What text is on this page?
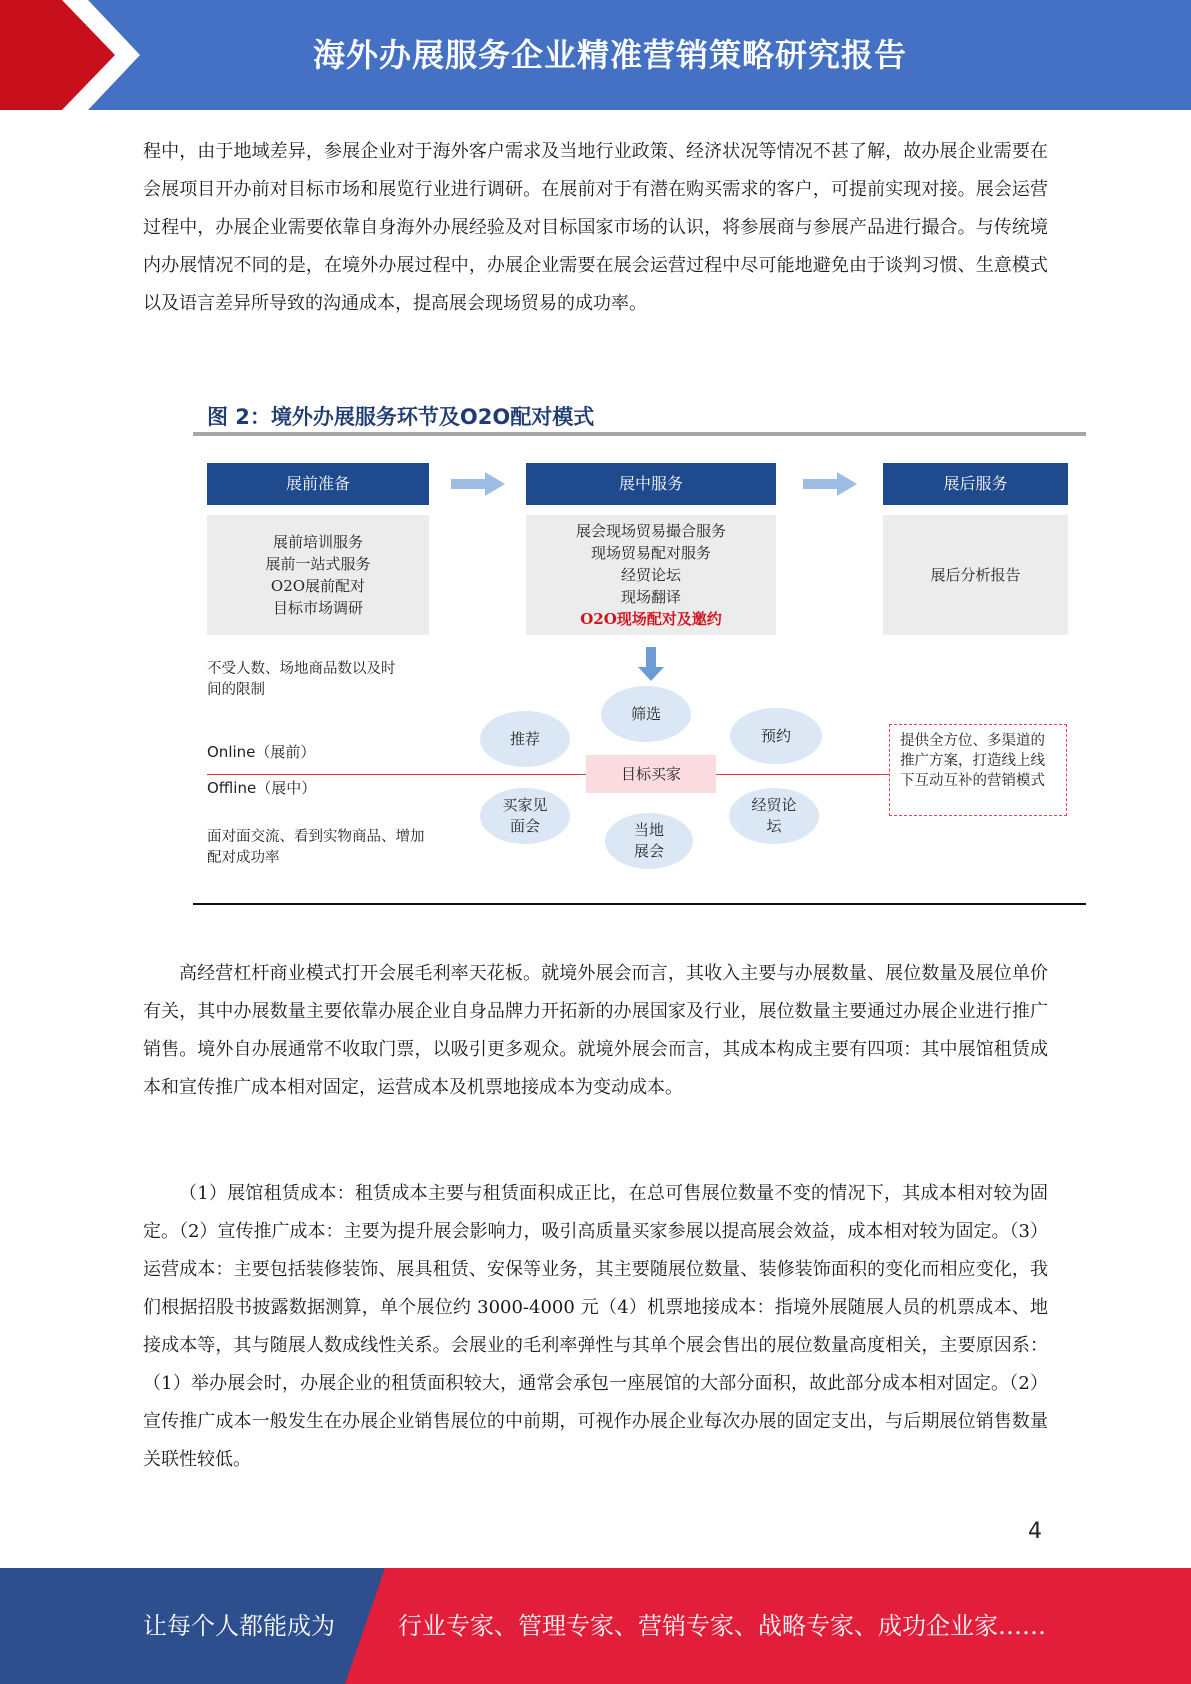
海外办展服务企业精准营销策略研究报告

程中，由于地域差异，参展企业对于海外客户需求及当地行业政策、经济状况等情况不甚了解，故办展企业需要在会展项目开办前对目标市场和展览行业进行调研。在展前对于有潜在购买需求的客户，可提前实现对接。展会运营过程中，办展企业需要依靠自身海外办展经验及对目标国家市场的认识，将参展商与参展产品进行撮合。与传统境内办展情况不同的是，在境外办展过程中，办展企业需要在展会运营过程中尽可能地避免由于谈判习惯、生意模式以及语言差异所导致的沟通成本，提高展会现场贸易的成功率。

图 2：境外办展服务环节及O2O配对模式
展前准备
展前培训服务
展前一站式服务
O2O展前配对
目标市场调研
展中服务
展会现场贸易撮合服务
现场贸易配对服务
经贸论坛
现场翻译
O2O现场配对及邀约
展后服务
展后分析报告
不受人数、场地商品数以及时间的限制
Online（展前）
Offline（展中）
面对面交流、看到实物商品、增加配对成功率
筛选
推荐	预约
买家见面会	当地展会
经贸论坛
目标买家
提供全方位、多渠道的推广方案，打造线上线下互动互补的营销模式

高经营杠杆商业模式打开会展毛利率天花板。就境外展会而言，其收入主要与办展数量、展位数量及展位单价有关，其中办展数量主要依靠办展企业自身品牌力开拓新的办展国家及行业，展位数量主要通过办展企业进行推广销售。境外自办展通常不收取门票，以吸引更多观众。就境外展会而言，其成本构成主要有四项：其中展馆租赁成本和宣传推广成本相对固定，运营成本及机票地接成本为变动成本。

（1）展馆租赁成本：租赁成本主要与租赁面积成正比，在总可售展位数量不变的情况下，其成本相对较为固定。（2）宣传推广成本：主要为提升展会影响力，吸引高质量买家参展以提高展会效益，成本相对较为固定。（3）运营成本：主要包括装修装饰、展具租赁、安保等业务，其主要随展位数量、装修装饰面积的变化而相应变化，我们根据招股书披露数据测算，单个展位约 3000-4000 元（4）机票地接成本：指境外展随展人员的机票成本、地接成本等，其与随展人数成线性关系。会展业的毛利率弹性与其单个展会售出的展位数量高度相关，主要原因系：（1）举办展会时，办展企业的租赁面积较大，通常会承包一座展馆的大部分面积，故此部分成本相对固定。（2）宣传推广成本一般发生在办展企业销售展位的中前期，可视作办展企业每次办展的固定支出，与后期展位销售数量关联性较低。

4
让每个人都能成为	行业专家、管理专家、营销专家、战略专家、成功企业家……
